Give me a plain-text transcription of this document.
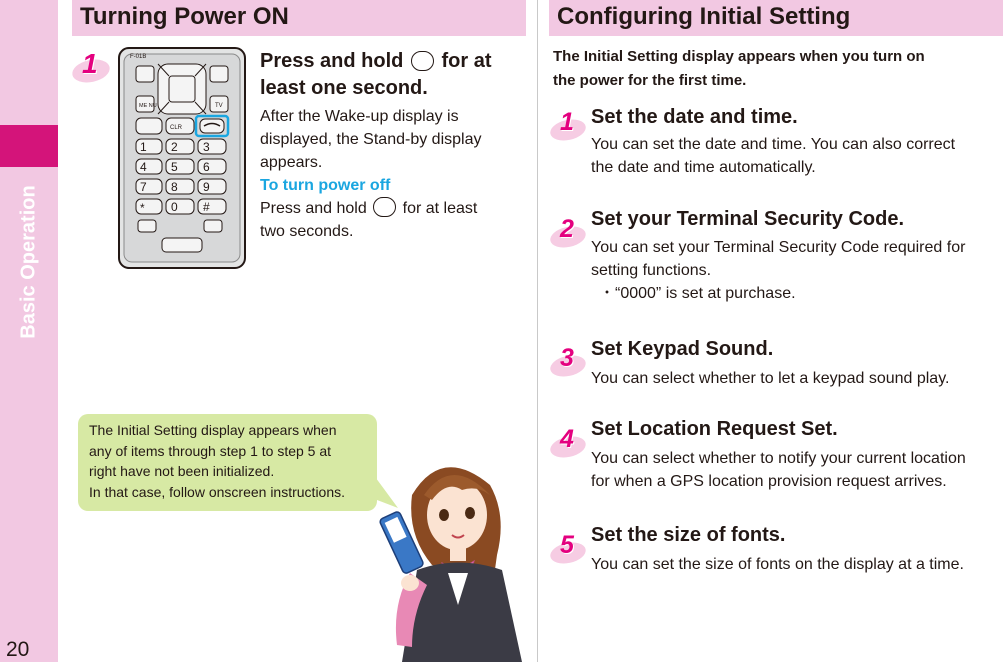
Basic Operation
20
Turning Power ON
1	F-01B
ME NU	TV
CLR
1 2 3
4 5 6
7 8 9
* 0 #
Press and hold for at
least one second.
After the Wake-up display is
displayed, the Stand-by display
appears.
To turn power off
Press and hold for at least
two seconds.
The Initial Setting display appears when
any of items through step 1 to step 5 at
right have not been initialized.
In that case, follow onscreen instructions.
Configuring Initial Setting
The Initial Setting display appears when you turn on
the power for the first time.
1 Set the date and time.
You can set the date and time. You can also correct
the date and time automatically.
2 Set your Terminal Security Code.
You can set your Terminal Security Code required for
setting functions.
・“0000” is set at purchase.
3 Set Keypad Sound.
You can select whether to let a keypad sound play.
4 Set Location Request Set.
You can select whether to notify your current location
for when a GPS location provision request arrives.
5 Set the size of fonts.
You can set the size of fonts on the display at a time.
